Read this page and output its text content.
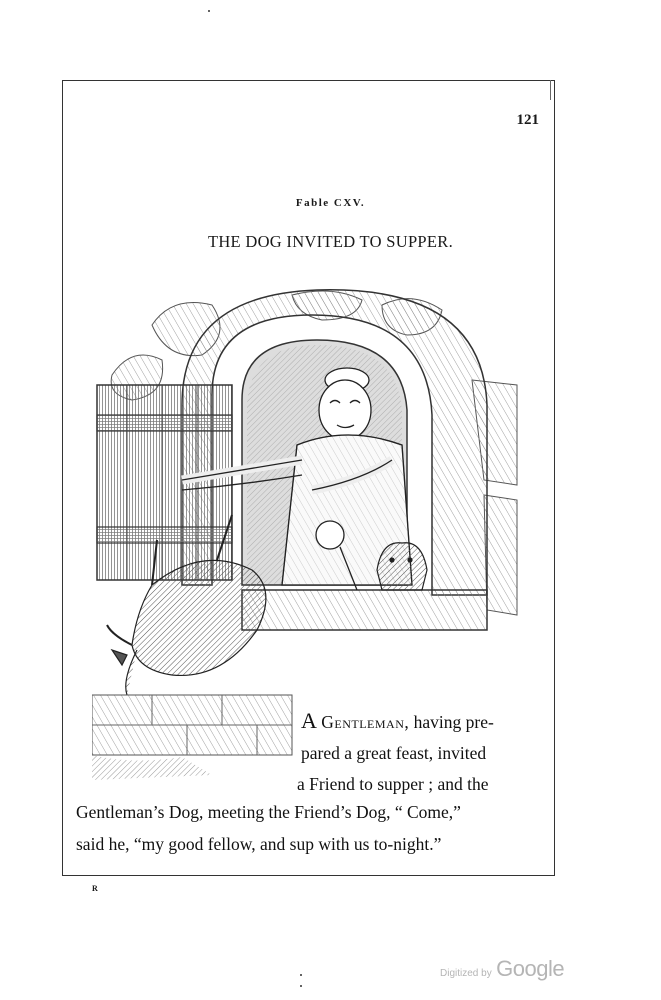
121
Fable CXV.
THE DOG INVITED TO SUPPER.
A Gentleman, having pre-
pared a great feast, invited
a Friend to supper ; and the
Gentleman’s Dog, meeting the Friend’s Dog, “ Come,”
said he, “my good fellow, and sup with us to-night.”
R
Digitized by Google
